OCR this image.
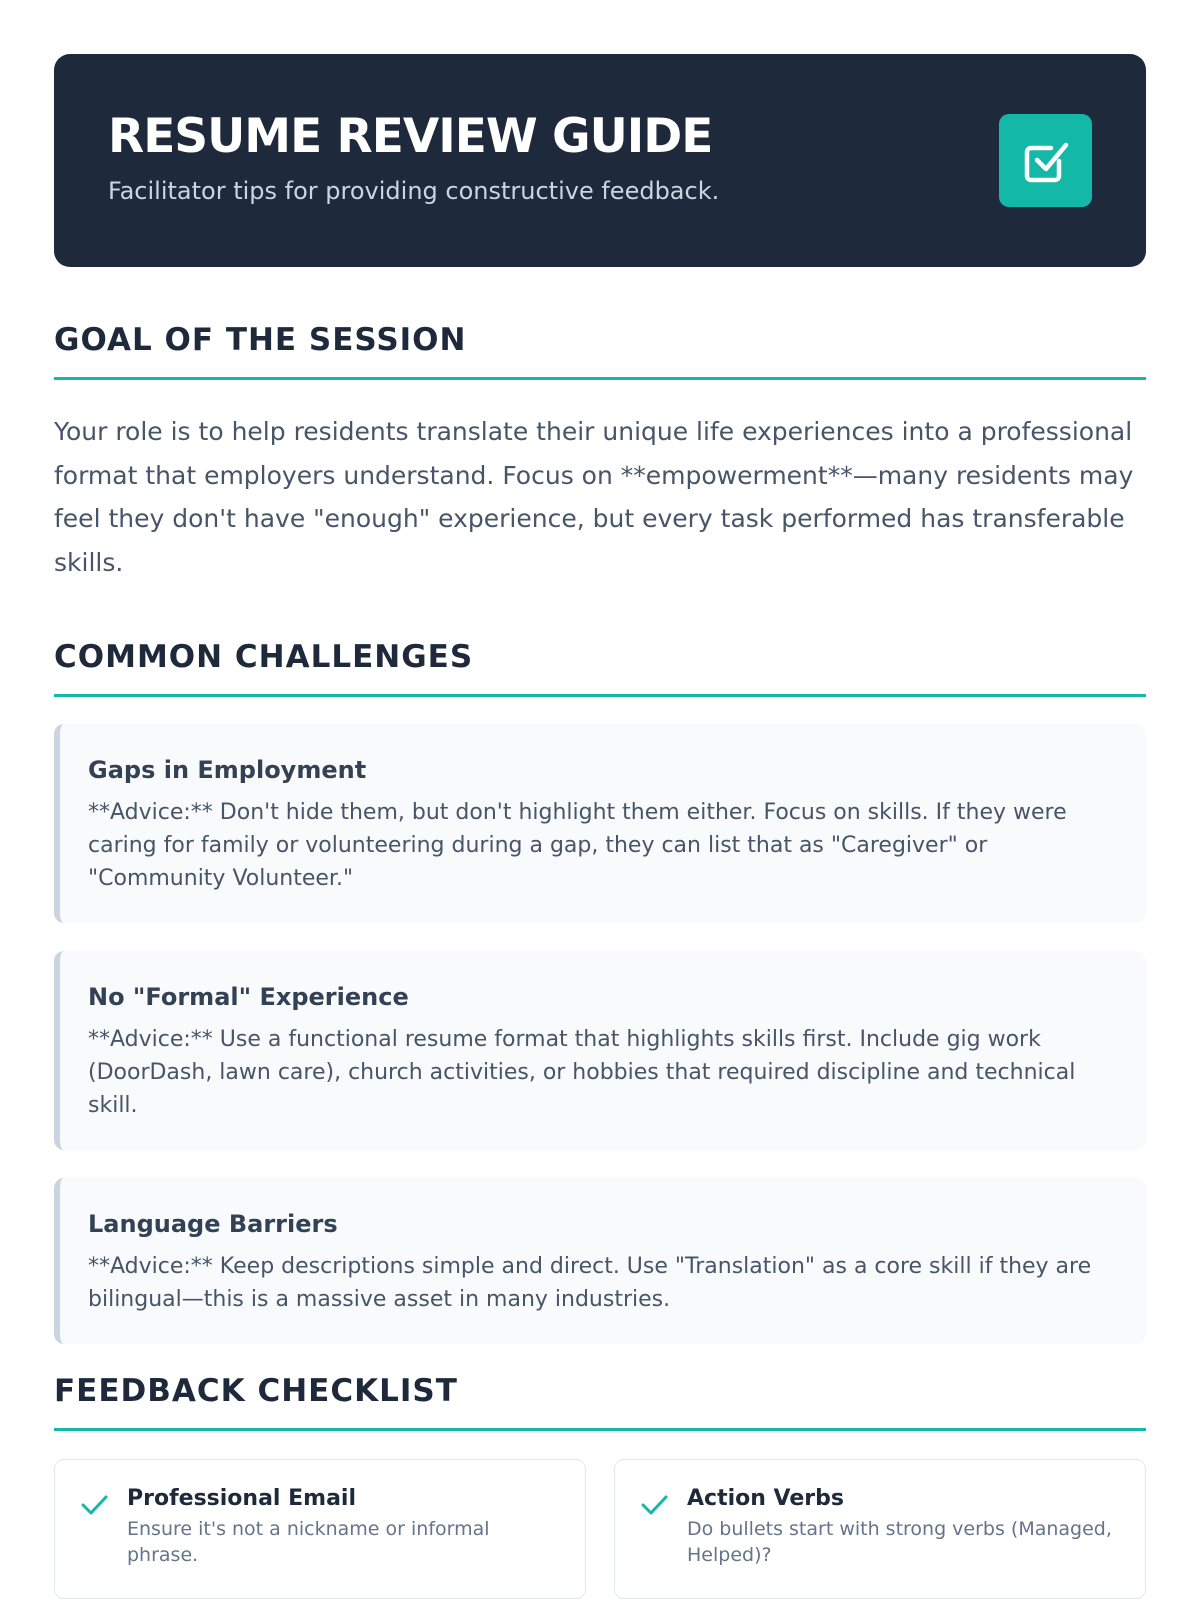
RESUME REVIEW GUIDE

Facilitator tips for providing constructive feedback.

GOAL OF THE SESSION

Your role is to help residents translate their unique life experiences into a professional format that employers understand. Focus on **empowerment**—many residents may feel they don't have "enough" experience, but every task performed has transferable skills.

COMMON CHALLENGES
Gaps in Employment

**Advice:** Don't hide them, but don't highlight them either. Focus on skills. If they were caring for family or volunteering during a gap, they can list that as "Caregiver" or "Community Volunteer."

No "Formal" Experience

**Advice:** Use a functional resume format that highlights skills first. Include gig work (DoorDash, lawn care), church activities, or hobbies that required discipline and technical skill.

Language Barriers

**Advice:** Keep descriptions simple and direct. Use "Translation" as a core skill if they are bilingual—this is a massive asset in many industries.

FEEDBACK CHECKLIST
Professional Email
Ensure it's not a nickname or informal phrase.
Action Verbs
Do bullets start with strong verbs (Managed, Helped)?
